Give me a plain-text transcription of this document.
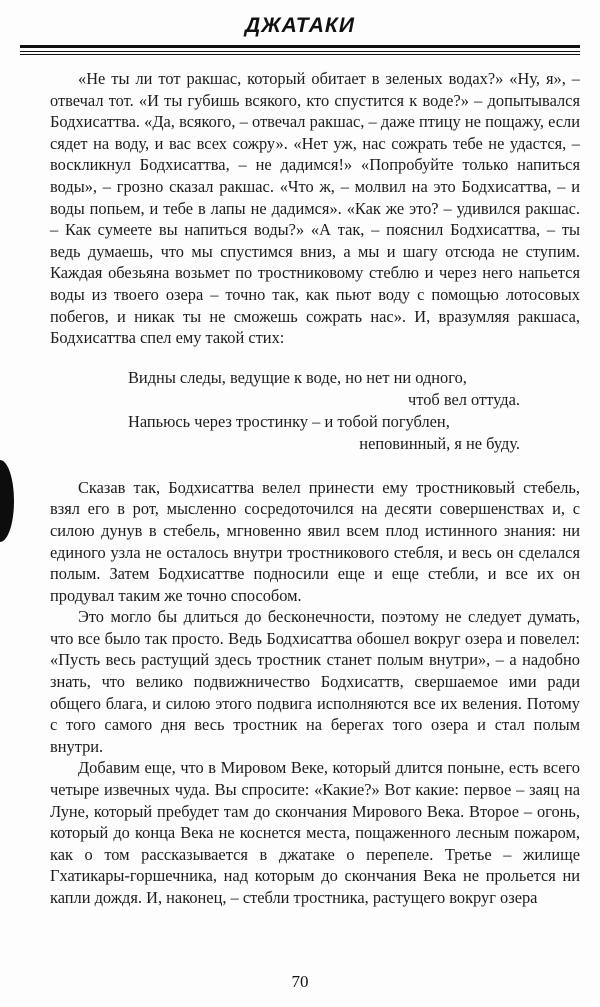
ДЖАТАКИ

«Не ты ли тот ракшас, который обитает в зеленых водах?» «Ну, я», – отвечал тот. «И ты губишь всякого, кто спустится к воде?» – допытывался Бодхисаттва. «Да, всякого, – отвечал ракшас, – даже птицу не пощажу, если сядет на воду, и вас всех сожру». «Нет уж, нас сожрать тебе не удастся, – воскликнул Бодхисаттва, – не дадимся!» «Попробуйте только напиться воды», – грозно сказал ракшас. «Что ж, – молвил на это Бодхисаттва, – и воды попьем, и тебе в лапы не дадимся». «Как же это? – удивился ракшас. – Как сумеете вы напиться воды?» «А так, – пояснил Бодхисаттва, – ты ведь думаешь, что мы спустимся вниз, а мы и шагу отсюда не ступим. Каждая обезьяна возьмет по тростниковому стеблю и через него напьется воды из твоего озера – точно так, как пьют воду с помощью лотосовых побегов, и никак ты не сможешь сожрать нас». И, вразумляя ракшаса, Бодхисаттва спел ему такой стих:

Видны следы, ведущие к воде, но нет ни одного,
чтоб вел оттуда.
Напьюсь через тростинку – и тобой погублен,
неповинный, я не буду.

Сказав так, Бодхисаттва велел принести ему тростниковый стебель, взял его в рот, мысленно сосредоточился на десяти совершенствах и, с силою дунув в стебель, мгновенно явил всем плод истинного знания: ни единого узла не осталось внутри тростникового стебля, и весь он сделался полым. Затем Бодхисаттве подносили еще и еще стебли, и все их он продувал таким же точно способом.

Это могло бы длиться до бесконечности, поэтому не следует думать, что все было так просто. Ведь Бодхисаттва обошел вокруг озера и повелел: «Пусть весь растущий здесь тростник станет полым внутри», – а надобно знать, что велико подвижничество Бодхисаттв, свершаемое ими ради общего блага, и силою этого подвига исполняются все их веления. Потому с того самого дня весь тростник на берегах того озера и стал полым внутри.

Добавим еще, что в Мировом Веке, который длится поныне, есть всего четыре извечных чуда. Вы спросите: «Какие?» Вот какие: первое – заяц на Луне, который пребудет там до скончания Мирового Века. Второе – огонь, который до конца Века не коснется места, пощаженного лесным пожаром, как о том рассказывается в джатаке о перепеле. Третье – жилище Гхатикары-горшечника, над которым до скончания Века не прольется ни капли дождя. И, наконец, – стебли тростника, растущего вокруг озера

70
